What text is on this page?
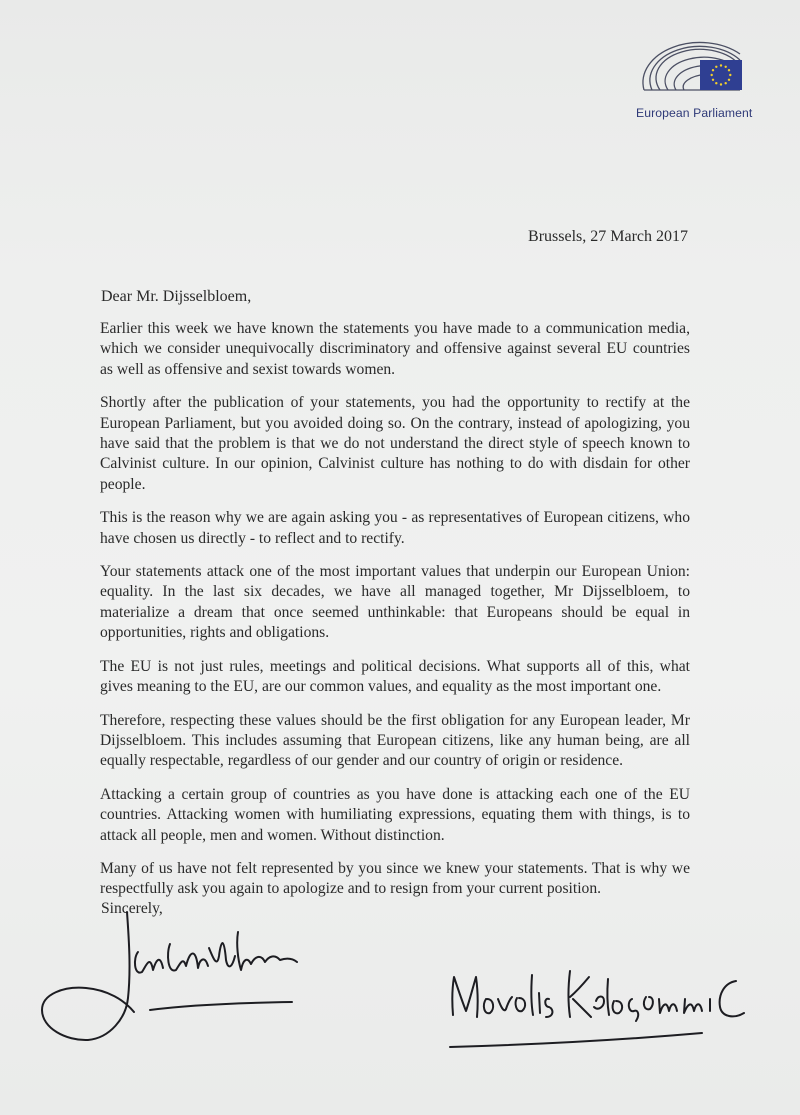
European Parliament
Brussels, 27 March 2017
Dear Mr. Dijsselbloem,

Earlier this week we have known the statements you have made to a communication media, which we consider unequivocally discriminatory and offensive against several EU countries as well as offensive and sexist towards women.

Shortly after the publication of your statements, you had the opportunity to rectify at the European Parliament, but you avoided doing so. On the contrary, instead of apologizing, you have said that the problem is that we do not understand the direct style of speech known to Calvinist culture. In our opinion, Calvinist culture has nothing to do with disdain for other people.

This is the reason why we are again asking you - as representatives of European citizens, who have chosen us directly - to reflect and to rectify.

Your statements attack one of the most important values that underpin our European Union: equality. In the last six decades, we have all managed together, Mr Dijsselbloem, to materialize a dream that once seemed unthinkable: that Europeans should be equal in opportunities, rights and obligations.

The EU is not just rules, meetings and political decisions. What supports all of this, what gives meaning to the EU, are our common values, and equality as the most important one.

Therefore, respecting these values should be the first obligation for any European leader, Mr Dijsselbloem. This includes assuming that European citizens, like any human being, are all equally respectable, regardless of our gender and our country of origin or residence.

Attacking a certain group of countries as you have done is attacking each one of the EU countries. Attacking women with humiliating expressions, equating them with things, is to attack all people, men and women. Without distinction.

Many of us have not felt represented by you since we knew your statements. That is why we respectfully ask you again to apologize and to resign from your current position.

Sincerely,
